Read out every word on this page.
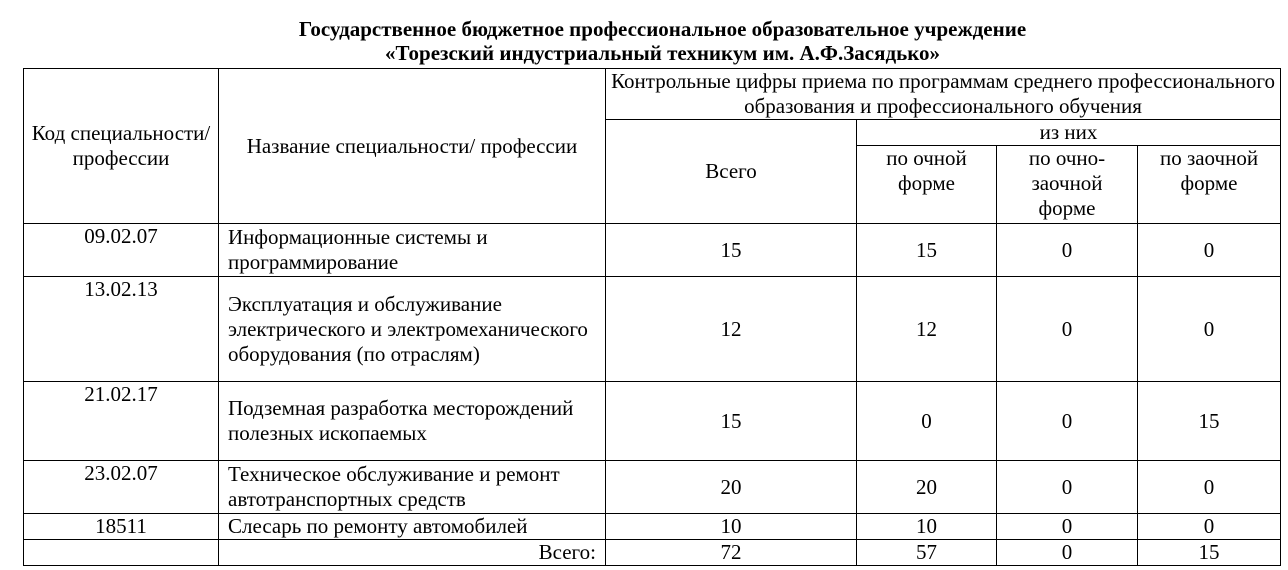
Государственное бюджетное профессиональное образовательное учреждение
«Торезский индустриальный техникум им. А.Ф.Засядько»
Код специальности/ профессии	Название специальности/ профессии	Контрольные цифры приема по программам среднего профессионального образования и профессионального обучения			
		Всего	из них		
			по очной форме	по очно-заочной форме	по заочной форме
09.02.07	Информационные системы и программирование	15	15	0	0
13.02.13	Эксплуатация и обслуживание электрического и электромеханического оборудования (по отраслям)	12	12	0	0
21.02.17	Подземная разработка месторождений полезных ископаемых	15	0	0	15
23.02.07	Техническое обслуживание и ремонт автотранспортных средств	20	20	0	0
18511	Слесарь по ремонту автомобилей	10	10	0	0
	Всего:	72	57	0	15
